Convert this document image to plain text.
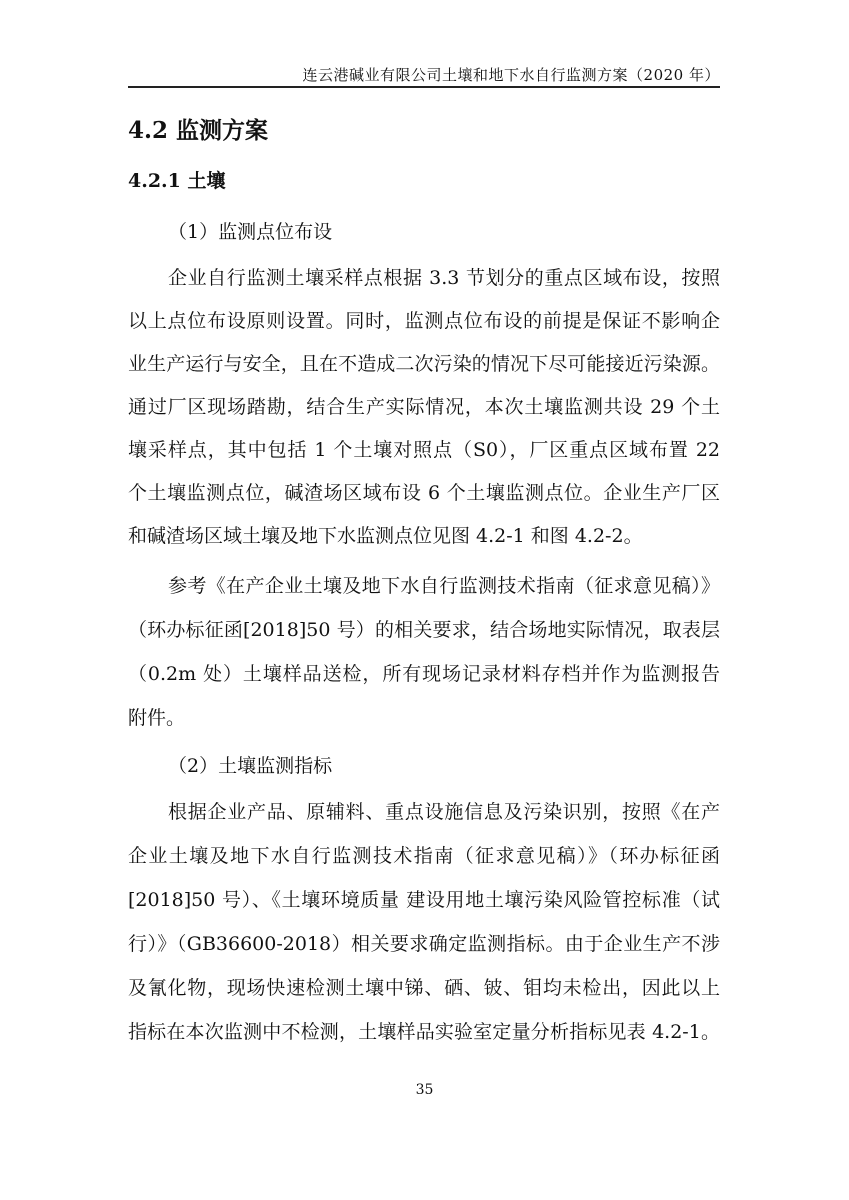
连云港碱业有限公司土壤和地下水自行监测方案（2020 年）
4.2 监测方案
4.2.1 土壤
（1）监测点位布设
企业自行监测土壤采样点根据 3.3 节划分的重点区域布设，按照
以上点位布设原则设置。同时，监测点位布设的前提是保证不影响企
业生产运行与安全，且在不造成二次污染的情况下尽可能接近污染源。
通过厂区现场踏勘，结合生产实际情况，本次土壤监测共设 29 个土
壤采样点，其中包括 1 个土壤对照点（S0），厂区重点区域布置 22
个土壤监测点位，碱渣场区域布设 6 个土壤监测点位。企业生产厂区
和碱渣场区域土壤及地下水监测点位见图 4.2-1 和图 4.2-2。
参考《在产企业土壤及地下水自行监测技术指南（征求意见稿）》
（环办标征函[2018]50 号）的相关要求，结合场地实际情况，取表层
（0.2m 处）土壤样品送检，所有现场记录材料存档并作为监测报告
附件。
（2）土壤监测指标
根据企业产品、原辅料、重点设施信息及污染识别，按照《在产
企业土壤及地下水自行监测技术指南（征求意见稿）》（环办标征函
[2018]50 号）、《土壤环境质量 建设用地土壤污染风险管控标准（试
行）》（GB36600-2018）相关要求确定监测指标。由于企业生产不涉
及氰化物，现场快速检测土壤中锑、硒、铍、钼均未检出，因此以上
指标在本次监测中不检测，土壤样品实验室定量分析指标见表 4.2-1。
35
